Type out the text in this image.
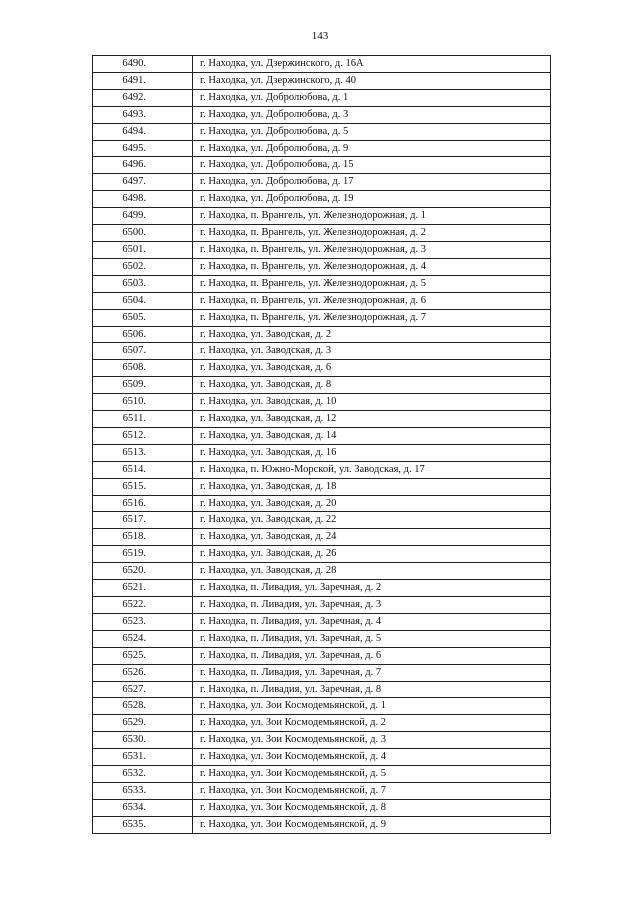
143
6490.	г. Находка, ул. Дзержинского, д. 16А
6491.	г. Находка, ул. Дзержинского, д. 40
6492.	г. Находка, ул. Добролюбова, д. 1
6493.	г. Находка, ул. Добролюбова, д. 3
6494.	г. Находка, ул. Добролюбова, д. 5
6495.	г. Находка, ул. Добролюбова, д. 9
6496.	г. Находка, ул. Добролюбова, д. 15
6497.	г. Находка, ул. Добролюбова, д. 17
6498.	г. Находка, ул. Добролюбова, д. 19
6499.	г. Находка, п. Врангель, ул. Железнодорожная, д. 1
6500.	г. Находка, п. Врангель, ул. Железнодорожная, д. 2
6501.	г. Находка, п. Врангель, ул. Железнодорожная, д. 3
6502.	г. Находка, п. Врангель, ул. Железнодорожная, д. 4
6503.	г. Находка, п. Врангель, ул. Железнодорожная, д. 5
6504.	г. Находка, п. Врангель, ул. Железнодорожная, д. 6
6505.	г. Находка, п. Врангель, ул. Железнодорожная, д. 7
6506.	г. Находка, ул. Заводская, д. 2
6507.	г. Находка, ул. Заводская, д. 3
6508.	г. Находка, ул. Заводская, д. 6
6509.	г. Находка, ул. Заводская, д. 8
6510.	г. Находка, ул. Заводская, д. 10
6511.	г. Находка, ул. Заводская, д. 12
6512.	г. Находка, ул. Заводская, д. 14
6513.	г. Находка, ул. Заводская, д. 16
6514.	г. Находка, п. Южно-Морской, ул. Заводская, д. 17
6515.	г. Находка, ул. Заводская, д. 18
6516.	г. Находка, ул. Заводская, д. 20
6517.	г. Находка, ул. Заводская, д. 22
6518.	г. Находка, ул. Заводская, д. 24
6519.	г. Находка, ул. Заводская, д. 26
6520.	г. Находка, ул. Заводская, д. 28
6521.	г. Находка, п. Ливадия, ул. Заречная, д. 2
6522.	г. Находка, п. Ливадия, ул. Заречная, д. 3
6523.	г. Находка, п. Ливадия, ул. Заречная, д. 4
6524.	г. Находка, п. Ливадия, ул. Заречная, д. 5
6525.	г. Находка, п. Ливадия, ул. Заречная, д. 6
6526.	г. Находка, п. Ливадия, ул. Заречная, д. 7
6527.	г. Находка, п. Ливадия, ул. Заречная, д. 8
6528.	г. Находка, ул. Зои Космодемьянской, д. 1
6529.	г. Находка, ул. Зои Космодемьянской, д. 2
6530.	г. Находка, ул. Зои Космодемьянской, д. 3
6531.	г. Находка, ул. Зои Космодемьянской, д. 4
6532.	г. Находка, ул. Зои Космодемьянской, д. 5
6533.	г. Находка, ул. Зои Космодемьянской, д. 7
6534.	г. Находка, ул. Зои Космодемьянской, д. 8
6535.	г. Находка, ул. Зои Космодемьянской, д. 9
